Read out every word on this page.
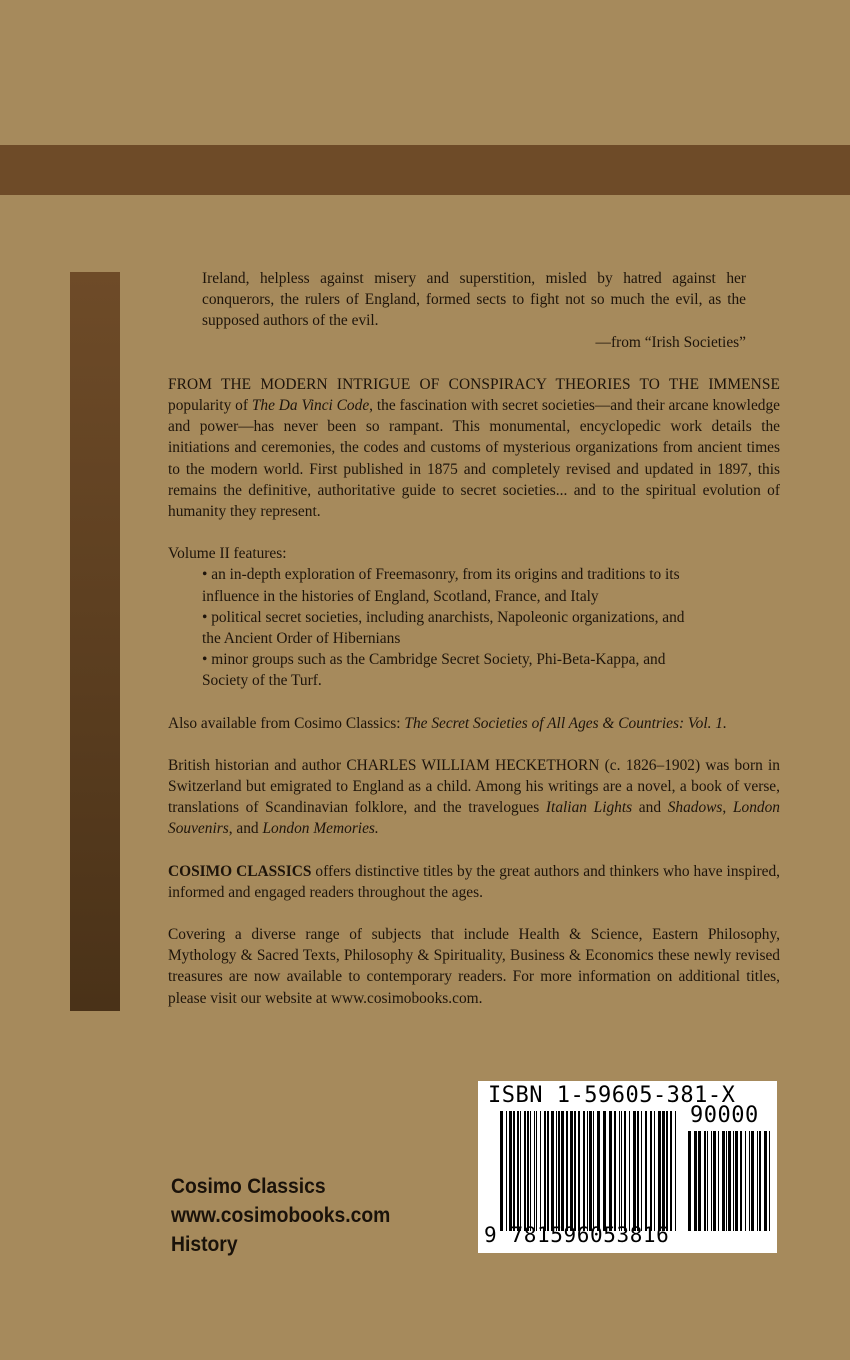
Ireland, helpless against misery and superstition, misled by hatred against her conquerors, the rulers of England, formed sects to fight not so much the evil, as the supposed authors of the evil.
—from “Irish Societies”

FROM THE MODERN INTRIGUE OF CONSPIRACY THEORIES TO THE IMMENSE popularity of The Da Vinci Code, the fascination with secret societies—and their arcane knowledge and power—has never been so rampant. This monumental, encyclopedic work details the initiations and ceremonies, the codes and customs of mysterious organizations from ancient times to the modern world. First published in 1875 and completely revised and updated in 1897, this remains the definitive, authoritative guide to secret societies... and to the spiritual evolution of humanity they represent.

Volume II features:

• an in-depth exploration of Freemasonry, from its origins and traditions to its influence in the histories of England, Scotland, France, and Italy
• political secret societies, including anarchists, Napoleonic organizations, and the Ancient Order of Hibernians
• minor groups such as the Cambridge Secret Society, Phi-Beta-Kappa, and Society of the Turf.

Also available from Cosimo Classics: The Secret Societies of All Ages & Countries: Vol. 1.

British historian and author CHARLES WILLIAM HECKETHORN (c. 1826–1902) was born in Switzerland but emigrated to England as a child. Among his writings are a novel, a book of verse, translations of Scandinavian folklore, and the travelogues Italian Lights and Shadows, London Souvenirs, and London Memories.

COSIMO CLASSICS offers distinctive titles by the great authors and thinkers who have inspired, informed and engaged readers throughout the ages.

Covering a diverse range of subjects that include Health & Science, Eastern Philosophy, Mythology & Sacred Texts, Philosophy & Spirituality, Business & Economics these newly revised treasures are now available to contemporary readers. For more information on additional titles, please visit our website at www.cosimobooks.com.

Cosimo Classics
www.cosimobooks.com
History
ISBN 1-59605-381-X
90000
9 781596053816
